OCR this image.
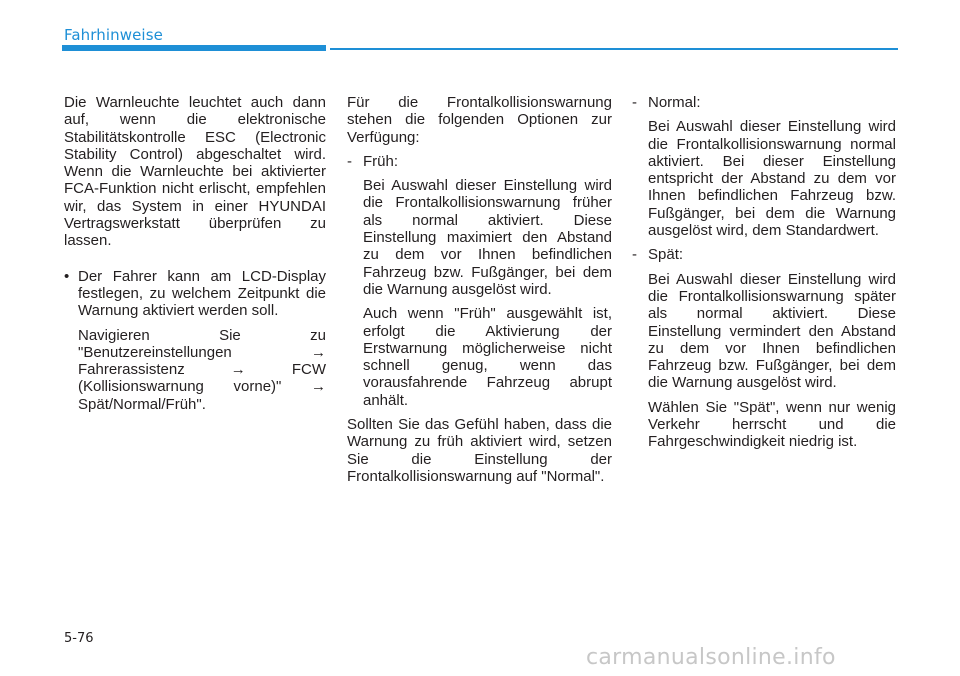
Fahrhinweise

Die Warnleuchte leuchtet auch dann auf, wenn die elektronische Stabilitätskontrolle ESC (Electronic Stability Control) abgeschaltet wird. Wenn die Warnleuchte bei aktivierter FCA-Funktion nicht erlischt, empfehlen wir, das System in einer HYUNDAI Vertragswerkstatt überprüfen zu lassen.

• Der Fahrer kann am LCD-Display festlegen, zu welchem Zeitpunkt die Warnung aktiviert werden soll.

Navigieren Sie zu

"Benutzereinstellungen →

Fahrerassistenz → FCW

(Kollisionswarnung vorne)" →

Spät/Normal/Früh".

Für die Frontalkollisionswarnung stehen die folgenden Optionen zur Verfügung:

- Früh:

Bei Auswahl dieser Einstellung wird die Frontalkollisionswarnung früher als normal aktiviert. Diese Einstellung maximiert den Abstand zu dem vor Ihnen befindlichen Fahrzeug bzw. Fußgänger, bei dem die Warnung ausgelöst wird.

Auch wenn "Früh" ausgewählt ist, erfolgt die Aktivierung der Erstwarnung möglicherweise nicht schnell genug, wenn das vorausfahrende Fahrzeug abrupt anhält.

Sollten Sie das Gefühl haben, dass die Warnung zu früh aktiviert wird, setzen Sie die Einstellung der Frontalkollisionswarnung auf "Normal".

- Normal:

Bei Auswahl dieser Einstellung wird die Frontalkollisionswarnung normal aktiviert. Bei dieser Einstellung entspricht der Abstand zu dem vor Ihnen befindlichen Fahrzeug bzw. Fußgänger, bei dem die Warnung ausgelöst wird, dem Standardwert.

- Spät:

Bei Auswahl dieser Einstellung wird die Frontalkollisionswarnung später als normal aktiviert. Diese Einstellung vermindert den Abstand zu dem vor Ihnen befindlichen Fahrzeug bzw. Fußgänger, bei dem die Warnung ausgelöst wird.

Wählen Sie "Spät", wenn nur wenig Verkehr herrscht und die Fahrgeschwindigkeit niedrig ist.

5-76
carmanualsonline.info
